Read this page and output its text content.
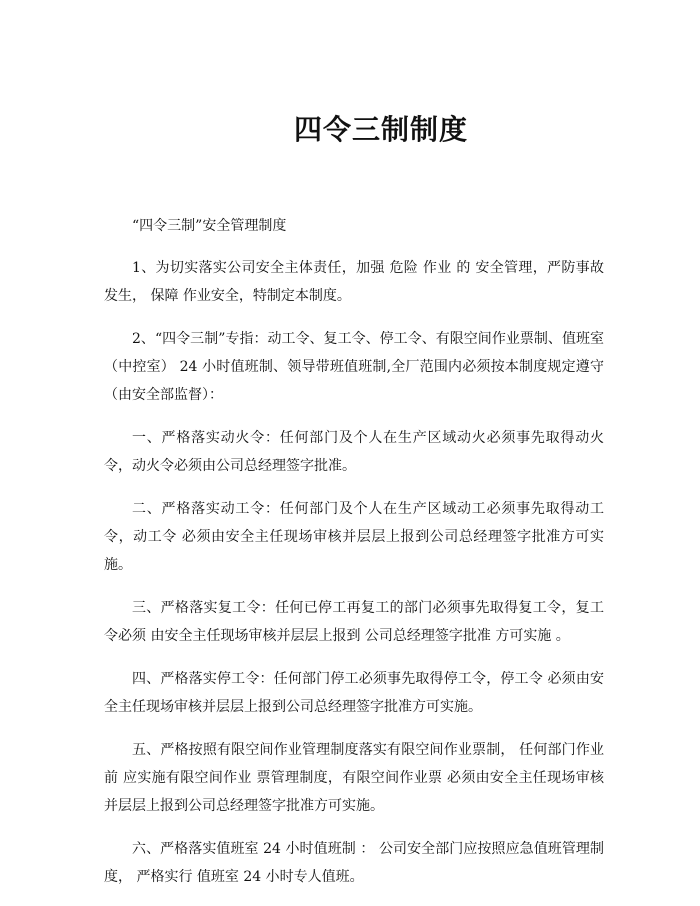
四令三制制度

“四令三制”安全管理制度

1、为切实落实公司安全主体责任，加强 危险 作业 的 安全管理，严防事故发生， 保障 作业安全，特制定本制度。

2、“四令三制”专指：动工令、复工令、停工令、有限空间作业票制、值班室（中控室） 24 小时值班制、领导带班值班制,全厂范围内必须按本制度规定遵守（由安全部监督）：

一、严格落实动火令：任何部门及个人在生产区域动火必须事先取得动火令，动火令必须由公司总经理签字批准。

二、严格落实动工令：任何部门及个人在生产区域动工必须事先取得动工令，动工令 必须由安全主任现场审核并层层上报到公司总经理签字批准方可实施。

三、严格落实复工令：任何已停工再复工的部门必须事先取得复工令，复工令必须 由安全主任现场审核并层层上报到 公司总经理签字批准 方可实施 。

四、严格落实停工令：任何部门停工必须事先取得停工令，停工令 必须由安全主任现场审核并层层上报到公司总经理签字批准方可实施。

五、严格按照有限空间作业管理制度落实有限空间作业票制， 任何部门作业前 应实施有限空间作业 票管理制度，有限空间作业票 必须由安全主任现场审核并层层上报到公司总经理签字批准方可实施。

六、严格落实值班室 24 小时值班制 ： 公司安全部门应按照应急值班管理制度， 严格实行 值班室 24 小时专人值班。
